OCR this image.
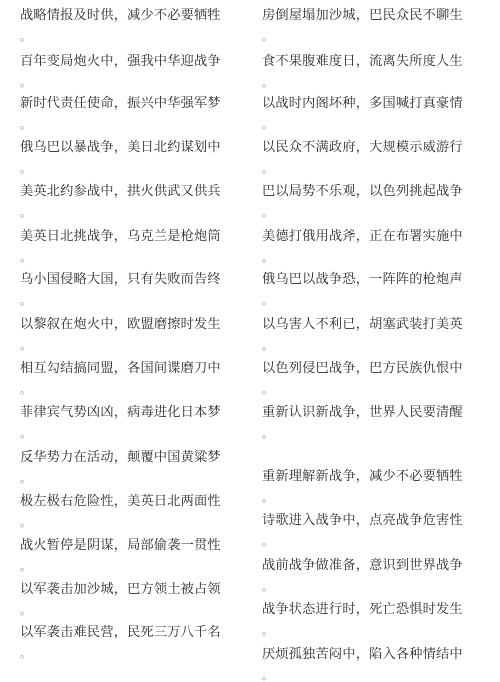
战略情报及时供，减少不必要牺牲
。
百年变局炮火中，强我中华迎战争
。
新时代责任使命，振兴中华强军梦
。
俄乌巴以暴战争，美日北约谋划中
。
美英北约参战中，拱火供武又供兵
。
美英日北挑战争，乌克兰是枪炮筒
。
乌小国侵略大国，只有失败而告终
。
以黎叙在炮火中，欧盟磨擦时发生
。
相互勾结搞同盟，各国间谍磨刀中
。
菲律宾气势凶凶，病毒进化日本梦
。
反华势力在活动，颠覆中国黄粱梦
。
极左极右危险性，美英日北两面性
。
战火暂停是阴谋，局部偷袭一贯性
。
以军袭击加沙城，巴方领土被占领
。
以军袭击难民营，民死三万八千名
。
房倒屋塌加沙城，巴民众民不聊生
。
食不果腹难度日，流离失所度人生
。
以战时内阁坏种，多国喊打真豪情
。
以民众不满政府，大规模示威游行
。
巴以局势不乐观，以色列挑起战争
。
美德打俄用战斧，正在布署实施中
。
俄乌巴以战争恐，一阵阵的枪炮声
。
以乌害人不利已，胡塞武装打美英
。
以色列侵巴战争，巴方民族仇恨中
。
重新认识新战争，世界人民要清醒
。
重新理解新战争，减少不必要牺牲
。
诗歌进入战争中，点亮战争危害性
。
战前战争做准备，意识到世界战争
。
战争状态进行时，死亡恐惧时发生
。
厌烦孤独苦闷中，陷入各种情结中
。
